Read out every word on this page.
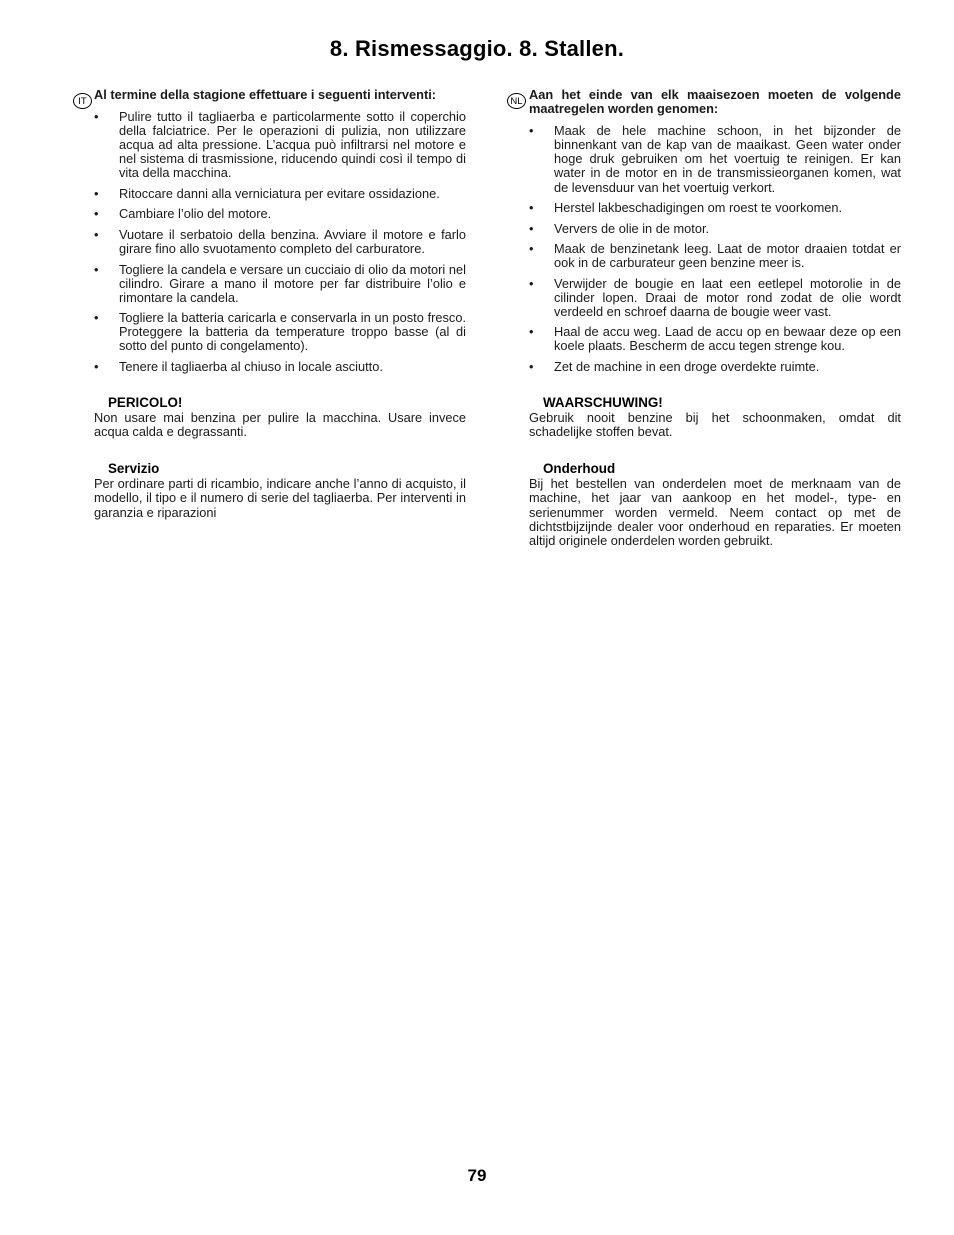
8. Rismessaggio. 8. Stallen.
IT Al termine della stagione effettuare i seguenti interventi:

• Pulire tutto il tagliaerba e particolarmente sotto il coperchio della falciatrice. Per le operazioni di pulizia, non utilizzare acqua ad alta pressione. L’acqua può infiltrarsi nel motore e nel sistema di trasmissione, riducendo quindi così il tempo di vita della macchina.
• Ritoccare danni alla verniciatura per evitare ossidazione.
• Cambiare l’olio del motore.
• Vuotare il serbatoio della benzina. Avviare il motore e farlo girare fino allo svuotamento completo del carburatore.
• Togliere la candela e versare un cucciaio di olio da motori nel cilindro. Girare a mano il motore per far distribuire l’olio e rimontare la candela.
• Togliere la batteria caricarla e conservarla in un posto fresco. Proteggere la batteria da temperature troppo basse (al di sotto del punto di congelamento).
• Tenere il tagliaerba al chiuso in locale asciutto.
PERICOLO!

Non usare mai benzina per pulire la macchina. Usare invece acqua calda e degrassanti.

Servizio

Per ordinare parti di ricambio, indicare anche l’anno di acquisto, il modello, il tipo e il numero di serie del tagliaerba. Per interventi in garanzia e riparazioni

NL Aan het einde van elk maaisezoen moeten de volgende maatregelen worden genomen:

• Maak de hele machine schoon, in het bijzonder de binnenkant van de kap van de maaikast. Geen water onder hoge druk gebruiken om het voertuig te reinigen. Er kan water in de motor en in de transmissieorganen komen, wat de levensduur van het voertuig verkort.
• Herstel lakbeschadigingen om roest te voorkomen.
• Ververs de olie in de motor.
• Maak de benzinetank leeg. Laat de motor draaien totdat er ook in de carburateur geen benzine meer is.
• Verwijder de bougie en laat een eetlepel motorolie in de cilinder lopen. Draai de motor rond zodat de olie wordt verdeeld en schroef daarna de bougie weer vast.
• Haal de accu weg. Laad de accu op en bewaar deze op een koele plaats. Bescherm de accu tegen strenge kou.
• Zet de machine in een droge overdekte ruimte.
WAARSCHUWING!

Gebruik nooit benzine bij het schoonmaken, omdat dit schadelijke stoffen bevat.

Onderhoud

Bij het bestellen van onderdelen moet de merknaam van de machine, het jaar van aankoop en het model-, type- en serienummer worden vermeld. Neem contact op met de dichtstbijzijnde dealer voor onderhoud en reparaties. Er moeten altijd originele onderdelen worden gebruikt.

79
